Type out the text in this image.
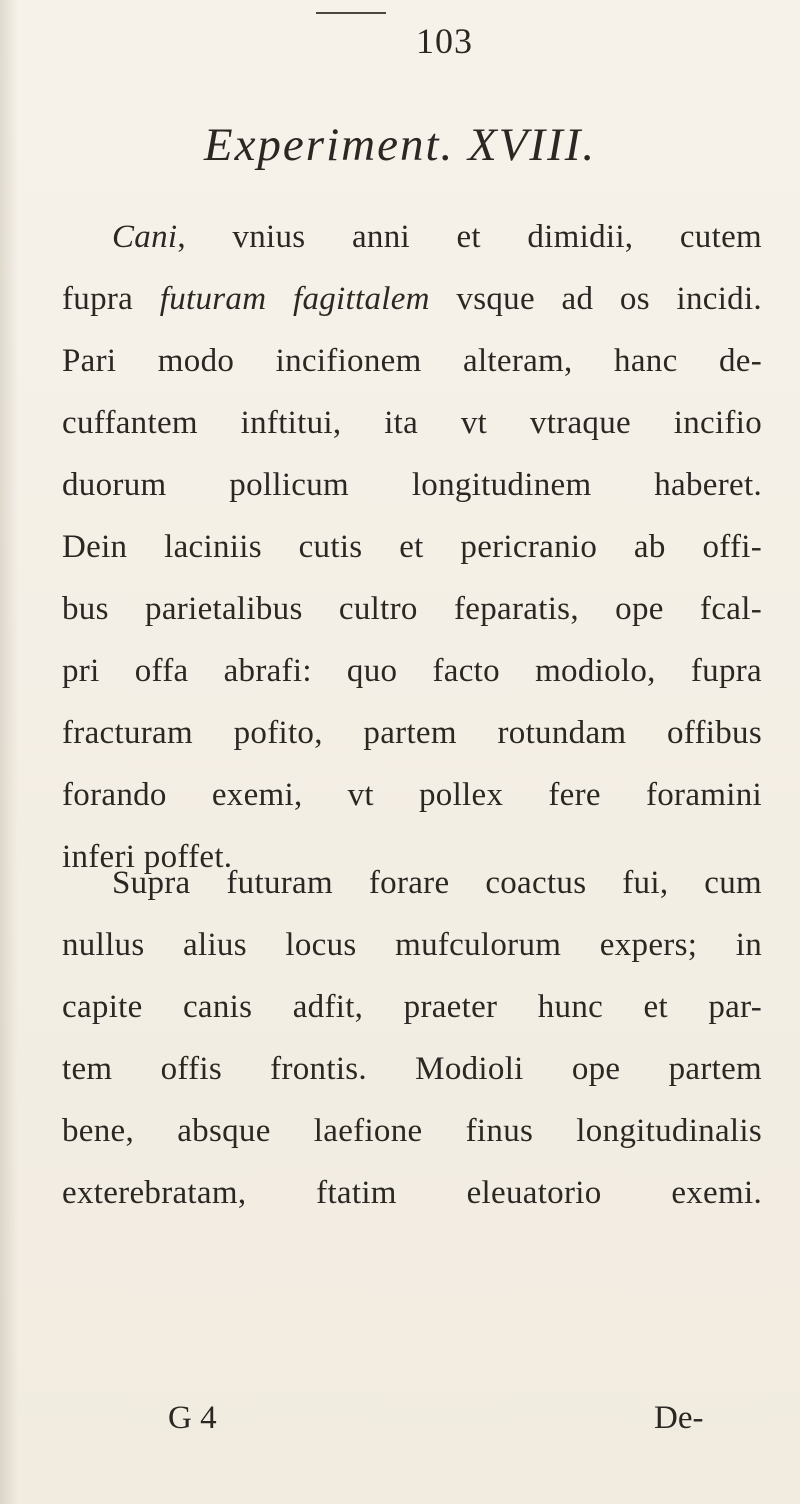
103
Experiment. XVIII.
Cani, vnius anni et dimidii, cutem
fupra futuram fagittalem vsque ad os incidi.
Pari modo incifionem alteram, hanc de-
cuffantem inftitui, ita vt vtraque incifio
duorum pollicum longitudinem haberet.
Dein laciniis cutis et pericranio ab offi-
bus parietalibus cultro feparatis, ope fcal-
pri offa abrafi: quo facto modiolo, fupra
fracturam pofito, partem rotundam offibus
forando exemi, vt pollex fere foramini
inferi poffet.
Supra futuram forare coactus fui, cum
nullus alius locus mufculorum expers; in
capite canis adfit, praeter hunc et par-
tem offis frontis. Modioli ope partem
bene, absque laefione finus longitudinalis
exterebratam, ftatim eleuatorio exemi.
G 4	De-
